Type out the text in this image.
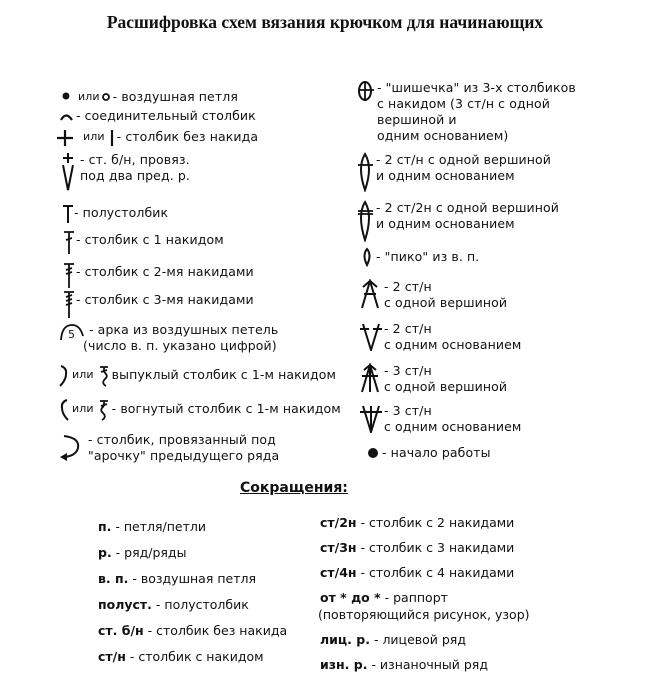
Расшифровка схем вязания крючком для начинающих
или - воздушная петля
- соединительный столбик
или - столбик без накида
- ст. б/н, провяз.
под два пред. р.
- полустолбик
- столбик с 1 накидом
- столбик с 2-мя накидами
- столбик с 3-мя накидами
5 - арка из воздушных петель
(число в. п. указано цифрой)
или выпуклый столбик с 1-м накидом
или - вогнутый столбик с 1-м накидом
- столбик, провязанный под
"арочку" предыдущего ряда
- "шишечка" из 3-х столбиков
с накидом (3 ст/н с одной
вершиной и
одним основанием)
- 2 ст/н с одной вершиной
и одним основанием
- 2 ст/2н с одной вершиной
и одним основанием
- "пико" из в. п.
- 2 ст/н
с одной вершиной
- 2 ст/н
с одним основанием
- 3 ст/н
с одной вершиной
- 3 ст/н
с одним основанием
- начало работы
Сокращения:
п. - петля/петли
р. - ряд/ряды
в. п. - воздушная петля
полуст. - полустолбик
ст. б/н - столбик без накида
ст/н - столбик с накидом
ст/2н - столбик с 2 накидами
ст/3н - столбик с 3 накидами
ст/4н - столбик с 4 накидами
от * до * - раппорт
(повторяющийся рисунок, узор)
лиц. р. - лицевой ряд
изн. р. - изнаночный ряд
